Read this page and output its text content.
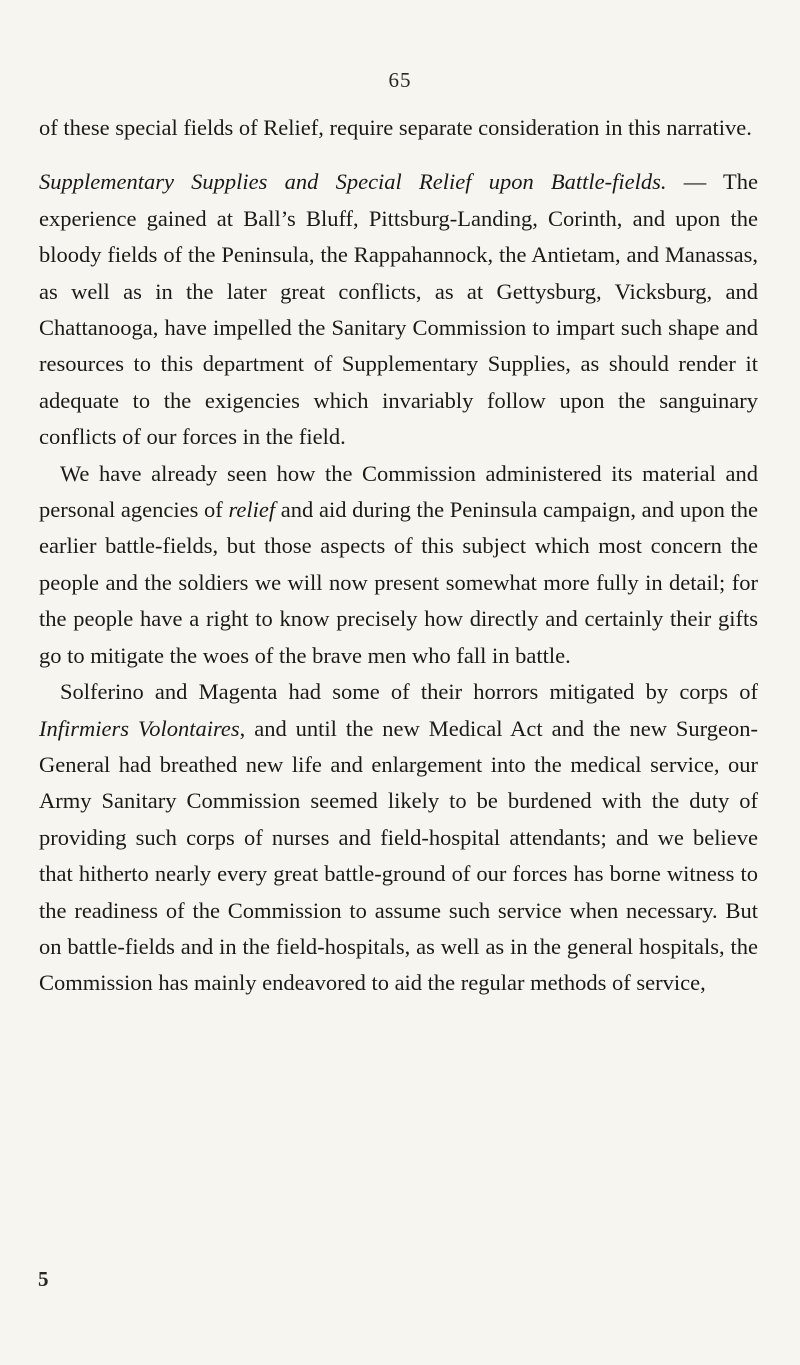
65

of these special fields of Relief, require separate consideration in this narrative.

Supplementary Supplies and Special Relief upon Battle-fields. — The experience gained at Ball’s Bluff, Pittsburg-Landing, Corinth, and upon the bloody fields of the Peninsula, the Rappahannock, the Antietam, and Manassas, as well as in the later great conflicts, as at Gettysburg, Vicksburg, and Chattanooga, have impelled the Sanitary Commission to impart such shape and resources to this department of Supplementary Supplies, as should render it adequate to the exigencies which invariably follow upon the sanguinary conflicts of our forces in the field.

We have already seen how the Commission administered its material and personal agencies of relief and aid during the Peninsula campaign, and upon the earlier battle-fields, but those aspects of this subject which most concern the people and the soldiers we will now present somewhat more fully in detail; for the people have a right to know precisely how directly and certainly their gifts go to mitigate the woes of the brave men who fall in battle.

Solferino and Magenta had some of their horrors mitigated by corps of Infirmiers Volontaires, and until the new Medical Act and the new Surgeon-General had breathed new life and enlargement into the medical service, our Army Sanitary Commission seemed likely to be burdened with the duty of providing such corps of nurses and field-hospital attendants; and we believe that hitherto nearly every great battle-ground of our forces has borne witness to the readiness of the Commission to assume such service when necessary. But on battle-fields and in the field-hospitals, as well as in the general hospitals, the Commission has mainly endeavored to aid the regular methods of service,

5
